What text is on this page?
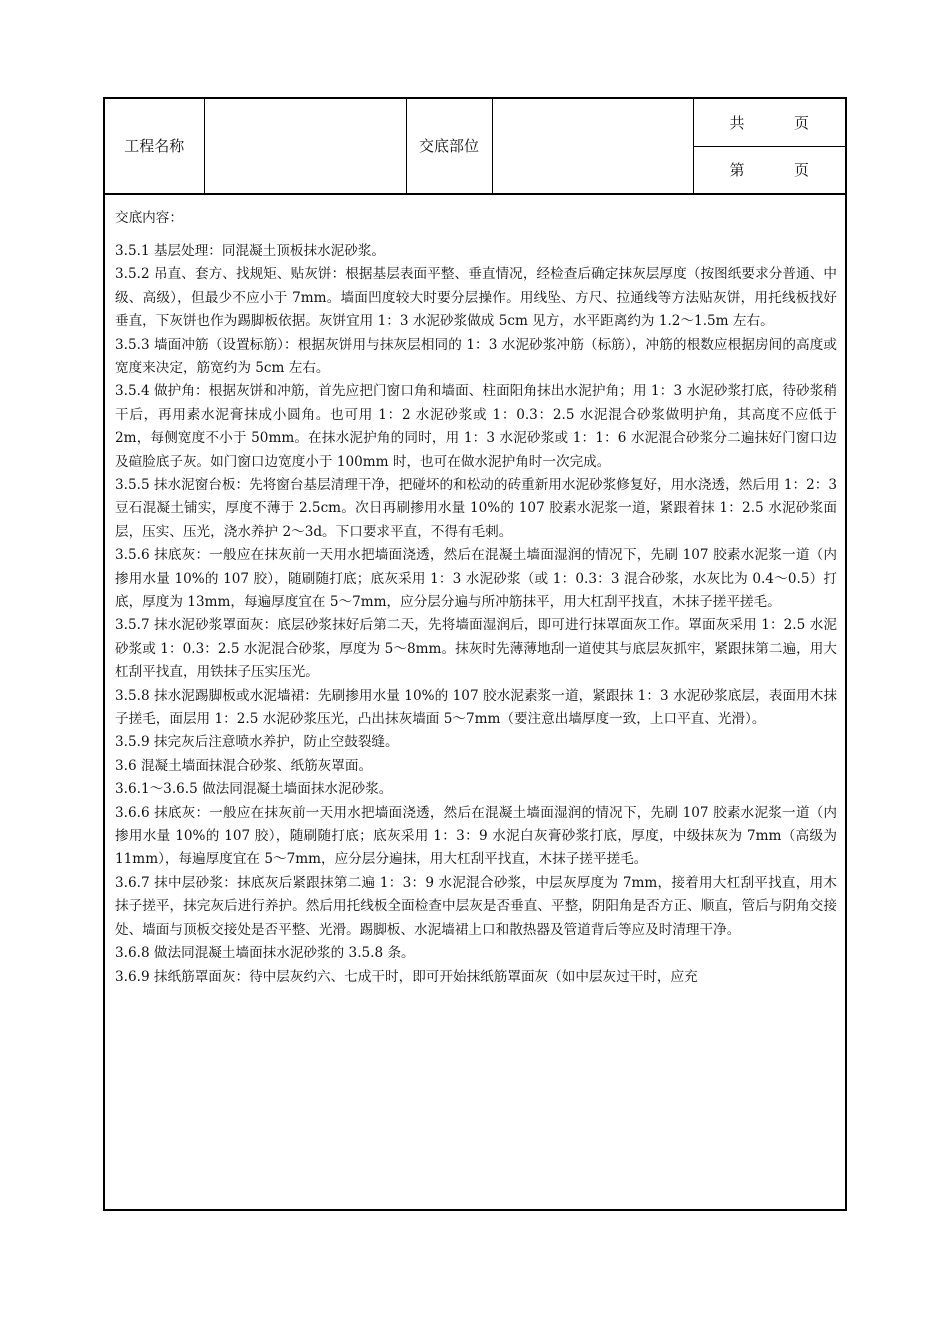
工程名称		交底部位		
共	页

第	页
交底内容：

3.5.1 基层处理：同混凝土顶板抹水泥砂浆。

3.5.2 吊直、套方、找规矩、贴灰饼：根据基层表面平整、垂直情况，经检查后确定抹灰层厚度（按图纸要求分普通、中级、高级），但最少不应小于 7mm。墙面凹度较大时要分层操作。用线坠、方尺、拉通线等方法贴灰饼，用托线板找好垂直，下灰饼也作为踢脚板依据。灰饼宜用 1：3 水泥砂浆做成 5cm 见方，水平距离约为 1.2～1.5m 左右。

3.5.3 墙面冲筋（设置标筋）：根据灰饼用与抹灰层相同的 1：3 水泥砂浆冲筋（标筋），冲筋的根数应根据房间的高度或宽度来决定，筋宽约为 5cm 左右。

3.5.4 做护角：根据灰饼和冲筋，首先应把门窗口角和墙面、柱面阳角抹出水泥护角；用 1：3 水泥砂浆打底，待砂浆稍干后，再用素水泥膏抹成小圆角。也可用 1：2 水泥砂浆或 1：0.3：2.5 水泥混合砂浆做明护角，其高度不应低于 2m，每侧宽度不小于 50mm。在抹水泥护角的同时，用 1：3 水泥砂浆或 1：1：6 水泥混合砂浆分二遍抹好门窗口边及碹脸底子灰。如门窗口边宽度小于 100mm 时，也可在做水泥护角时一次完成。

3.5.5 抹水泥窗台板：先将窗台基层清理干净，把碰坏的和松动的砖重新用水泥砂浆修复好，用水浇透，然后用 1：2：3 豆石混凝土铺实，厚度不薄于 2.5cm。次日再刷掺用水量 10%的 107 胶素水泥浆一道，紧跟着抹 1：2.5 水泥砂浆面层，压实、压光，浇水养护 2～3d。下口要求平直，不得有毛刺。

3.5.6 抹底灰：一般应在抹灰前一天用水把墙面浇透，然后在混凝土墙面湿润的情况下，先刷 107 胶素水泥浆一道（内掺用水量 10%的 107 胶），随刷随打底；底灰采用 1：3 水泥砂浆（或 1：0.3：3 混合砂浆，水灰比为 0.4～0.5）打底，厚度为 13mm，每遍厚度宜在 5～7mm，应分层分遍与所冲筋抹平，用大杠刮平找直，木抹子搓平搓毛。

3.5.7 抹水泥砂浆罩面灰：底层砂浆抹好后第二天，先将墙面湿润后，即可进行抹罩面灰工作。罩面灰采用 1：2.5 水泥砂浆或 1：0.3：2.5 水泥混合砂浆，厚度为 5～8mm。抹灰时先薄薄地刮一道使其与底层灰抓牢，紧跟抹第二遍，用大杠刮平找直，用铁抹子压实压光。

3.5.8 抹水泥踢脚板或水泥墙裙：先刷掺用水量 10%的 107 胶水泥素浆一道，紧跟抹 1：3 水泥砂浆底层，表面用木抹子搓毛，面层用 1：2.5 水泥砂浆压光，凸出抹灰墙面 5～7mm（要注意出墙厚度一致，上口平直、光滑）。

3.5.9 抹完灰后注意喷水养护，防止空鼓裂缝。

3.6 混凝土墙面抹混合砂浆、纸筋灰罩面。

3.6.1～3.6.5 做法同混凝土墙面抹水泥砂浆。

3.6.6 抹底灰：一般应在抹灰前一天用水把墙面浇透，然后在混凝土墙面湿润的情况下，先刷 107 胶素水泥浆一道（内掺用水量 10%的 107 胶），随刷随打底；底灰采用 1：3：9 水泥白灰膏砂浆打底，厚度，中级抹灰为 7mm（高级为 11mm），每遍厚度宜在 5～7mm，应分层分遍抹，用大杠刮平找直，木抹子搓平搓毛。

3.6.7 抹中层砂浆：抹底灰后紧跟抹第二遍 1：3：9 水泥混合砂浆，中层灰厚度为 7mm，接着用大杠刮平找直，用木抹子搓平，抹完灰后进行养护。然后用托线板全面检查中层灰是否垂直、平整，阴阳角是否方正、顺直，管后与阴角交接处、墙面与顶板交接处是否平整、光滑。踢脚板、水泥墙裙上口和散热器及管道背后等应及时清理干净。

3.6.8 做法同混凝土墙面抹水泥砂浆的 3.5.8 条。

3.6.9 抹纸筋罩面灰：待中层灰约六、七成干时，即可开始抹纸筋罩面灰（如中层灰过干时，应充
